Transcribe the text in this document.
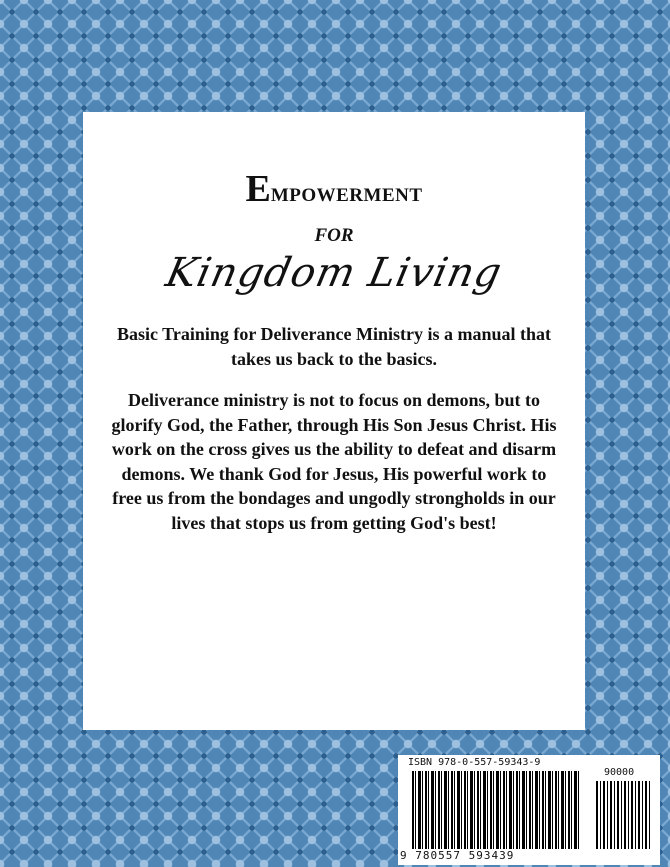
EMPOWERMENT
FOR
Kingdom Living
Basic Training for Deliverance Ministry is a manual that takes us back to the basics.
Deliverance ministry is not to focus on demons, but to glorify God, the Father, through His Son Jesus Christ. His work on the cross gives us the ability to defeat and disarm demons. We thank God for Jesus, His powerful work to free us from the bondages and ungodly strongholds in our lives that stops us from getting God's best!
ISBN 978-0-557-59343-9
90000
9 780557 593439
